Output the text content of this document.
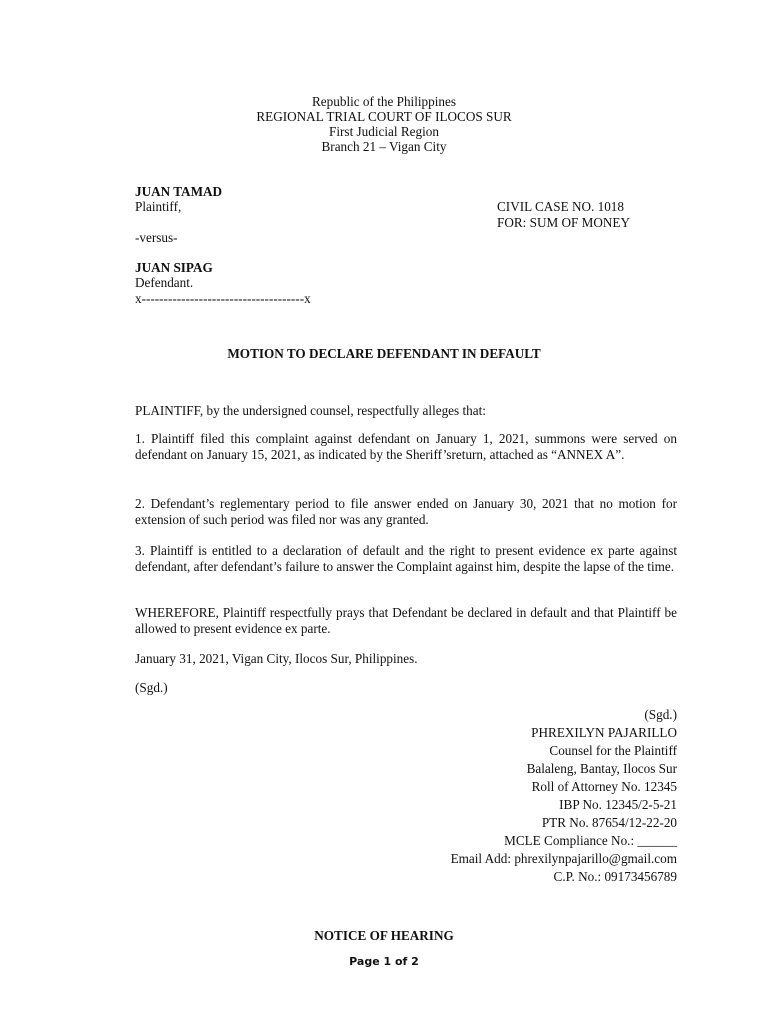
Republic of the Philippines
REGIONAL TRIAL COURT OF ILOCOS SUR
First Judicial Region
Branch 21 – Vigan City
JUAN TAMAD
Plaintiff,
-versus-
JUAN SIPAG
Defendant.
x-------------------------------------x
CIVIL CASE NO. 1018
FOR: SUM OF MONEY
MOTION TO DECLARE DEFENDANT IN DEFAULT

PLAINTIFF, by the undersigned counsel, respectfully alleges that:

1. Plaintiff filed this complaint against defendant on January 1, 2021, summons were served on defendant on January 15, 2021, as indicated by the Sheriff’sreturn, attached as “ANNEX A”.

2. Defendant’s reglementary period to file answer ended on January 30, 2021 that no motion for extension of such period was filed nor was any granted.

3. Plaintiff is entitled to a declaration of default and the right to present evidence ex parte against defendant, after defendant’s failure to answer the Complaint against him, despite the lapse of the time.

WHEREFORE, Plaintiff respectfully prays that Defendant be declared in default and that Plaintiff be allowed to present evidence ex parte.

January 31, 2021, Vigan City, Ilocos Sur, Philippines.

(Sgd.)

(Sgd.)
PHREXILYN PAJARILLO
Counsel for the Plaintiff
Balaleng, Bantay, Ilocos Sur
Roll of Attorney No. 12345
IBP No. 12345/2-5-21
PTR No. 87654/12-22-20
MCLE Compliance No.: ______
Email Add: phrexilynpajarillo@gmail.com
C.P. No.: 09173456789
NOTICE OF HEARING
Page 1 of 2
